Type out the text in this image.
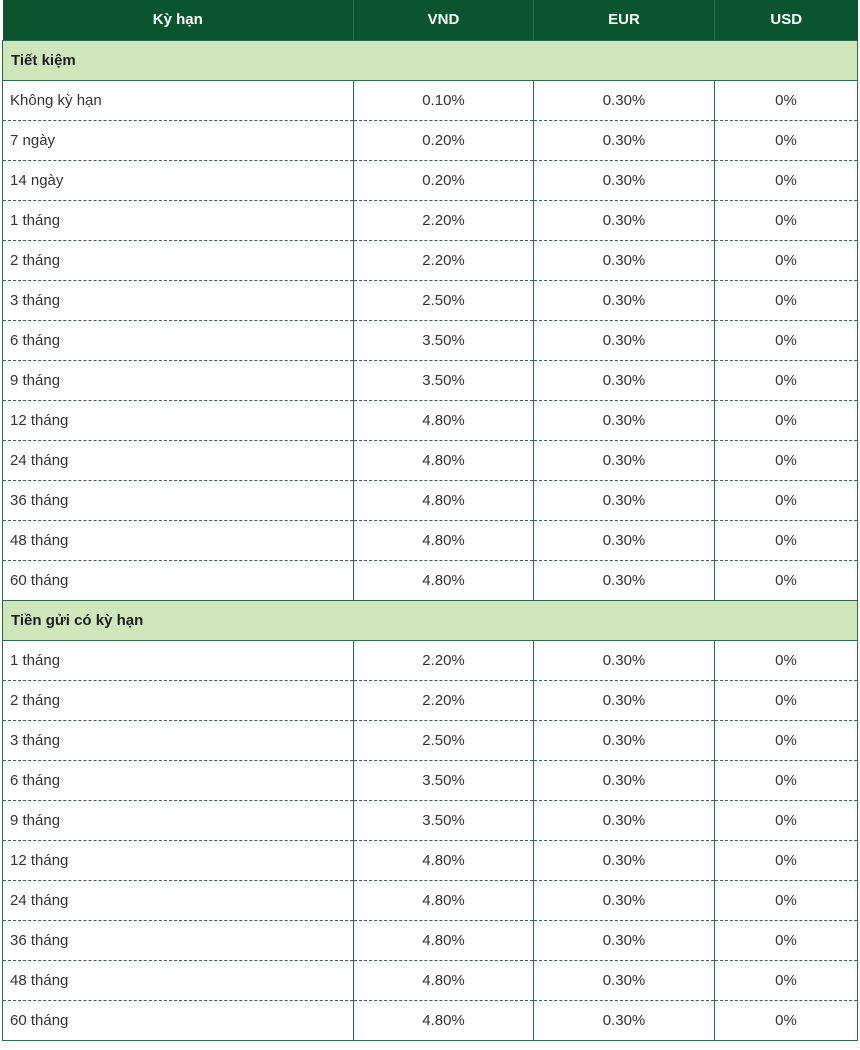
Kỳ hạn	VND	EUR	USD
Tiết kiệm			
Không kỳ hạn	0.10%	0.30%	0%
7 ngày	0.20%	0.30%	0%
14 ngày	0.20%	0.30%	0%
1 tháng	2.20%	0.30%	0%
2 tháng	2.20%	0.30%	0%
3 tháng	2.50%	0.30%	0%
6 tháng	3.50%	0.30%	0%
9 tháng	3.50%	0.30%	0%
12 tháng	4.80%	0.30%	0%
24 tháng	4.80%	0.30%	0%
36 tháng	4.80%	0.30%	0%
48 tháng	4.80%	0.30%	0%
60 tháng	4.80%	0.30%	0%
Tiền gửi có kỳ hạn			
1 tháng	2.20%	0.30%	0%
2 tháng	2.20%	0.30%	0%
3 tháng	2.50%	0.30%	0%
6 tháng	3.50%	0.30%	0%
9 tháng	3.50%	0.30%	0%
12 tháng	4.80%	0.30%	0%
24 tháng	4.80%	0.30%	0%
36 tháng	4.80%	0.30%	0%
48 tháng	4.80%	0.30%	0%
60 tháng	4.80%	0.30%	0%
